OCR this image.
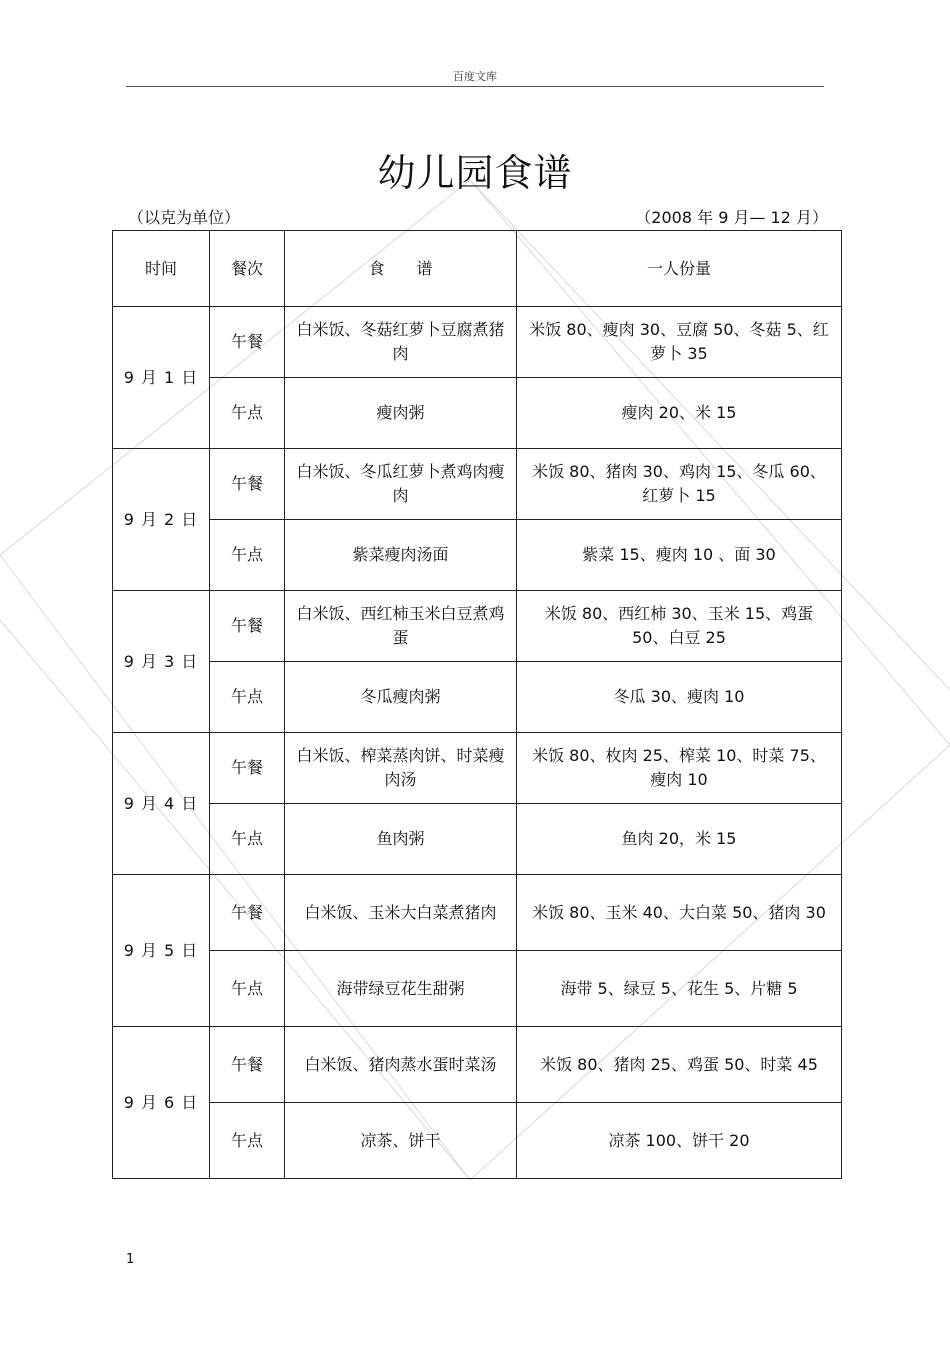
百度文库
幼儿园食谱
（以克为单位）	（2008 年 9 月— 12 月）
时间	餐次	食　　谱	一人份量
9 月 1 日	午餐	白米饭、冬菇红萝卜豆腐煮猪肉	米饭 80、瘦肉 30、豆腐 50、冬菇 5、红萝卜 35
	午点	瘦肉粥	瘦肉 20、米 15
9 月 2 日	午餐	白米饭、冬瓜红萝卜煮鸡肉瘦肉	米饭 80、猪肉 30、鸡肉 15、冬瓜 60、红萝卜 15
	午点	紫菜瘦肉汤面	紫菜 15、瘦肉 10 、面 30
9 月 3 日	午餐	白米饭、西红柿玉米白豆煮鸡蛋	米饭 80、西红柿 30、玉米 15、鸡蛋 50、白豆 25
	午点	冬瓜瘦肉粥	冬瓜 30、瘦肉 10
9 月 4 日	午餐	白米饭、榨菜蒸肉饼、时菜瘦肉汤	米饭 80、枚肉 25、榨菜 10、时菜 75、瘦肉 10
	午点	鱼肉粥	鱼肉 20，米 15
9 月 5 日	午餐	白米饭、玉米大白菜煮猪肉	米饭 80、玉米 40、大白菜 50、猪肉 30
	午点	海带绿豆花生甜粥	海带 5、绿豆 5、花生 5、片糖 5
9 月 6 日	午餐	白米饭、猪肉蒸水蛋时菜汤	米饭 80、猪肉 25、鸡蛋 50、时菜 45
	午点	凉茶、饼干	凉茶 100、饼干 20
1
